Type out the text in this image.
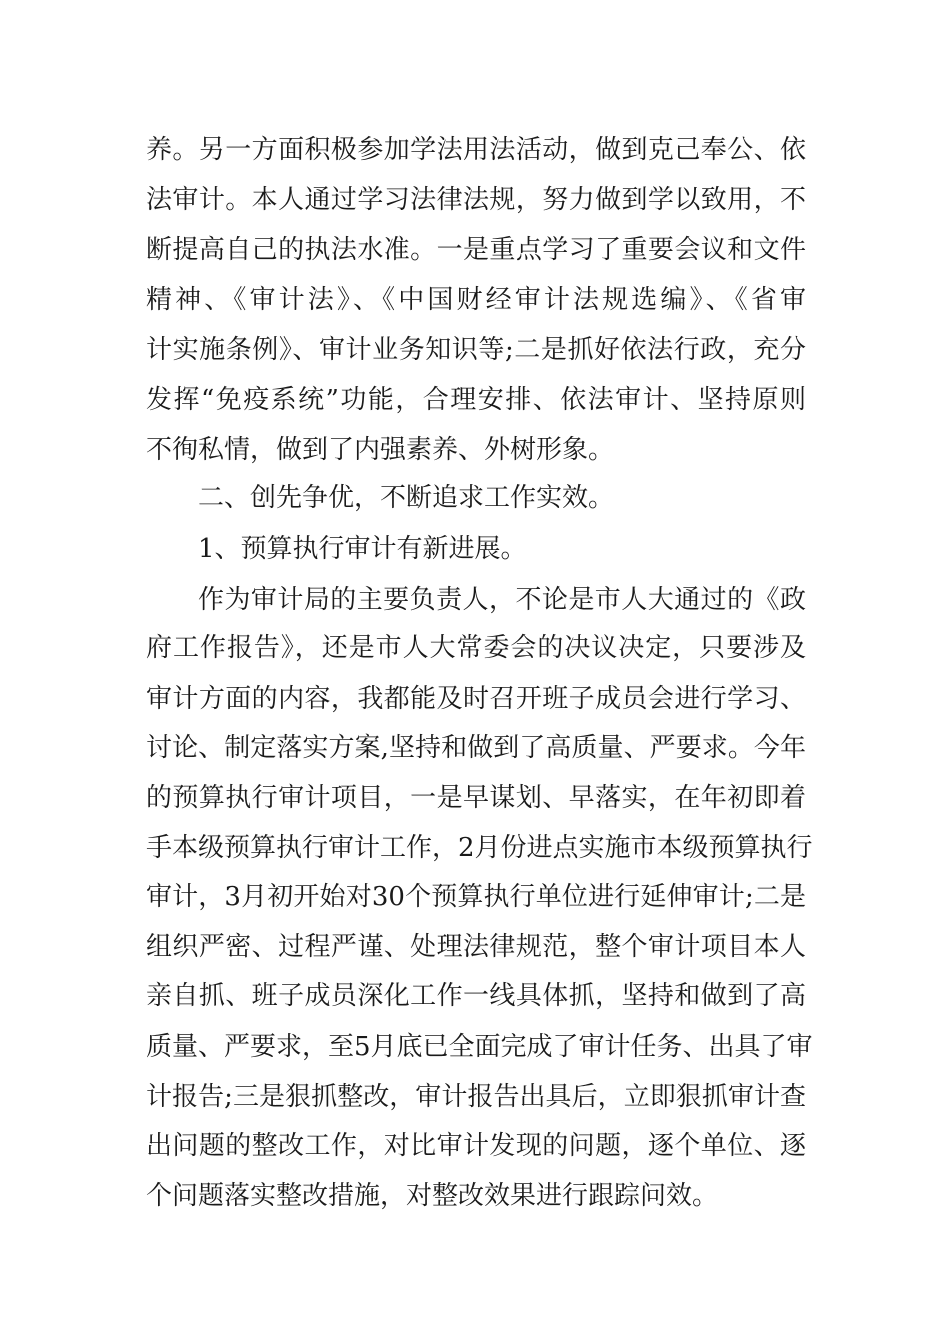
养。另一方面积极参加学法用法活动，做到克己奉公、依
法审计。本人通过学习法律法规，努力做到学以致用，不
断提高自己的执法水准。一是重点学习了重要会议和文件
精神、《审计法》、《中国财经审计法规选编》、《省审
计实施条例》、审计业务知识等;二是抓好依法行政，充分
发挥“免疫系统”功能，合理安排、依法审计、坚持原则
不徇私情，做到了内强素养、外树形象。
二、创先争优，不断追求工作实效。
1、预算执行审计有新进展。
作为审计局的主要负责人，不论是市人大通过的《政
府工作报告》，还是市人大常委会的决议决定，只要涉及
审计方面的内容，我都能及时召开班子成员会进行学习、
讨论、制定落实方案,坚持和做到了高质量、严要求。今年
的预算执行审计项目，一是早谋划、早落实，在年初即着
手本级预算执行审计工作，2月份进点实施市本级预算执行
审计，3月初开始对30个预算执行单位进行延伸审计;二是
组织严密、过程严谨、处理法律规范，整个审计项目本人
亲自抓、班子成员深化工作一线具体抓，坚持和做到了高
质量、严要求，至5月底已全面完成了审计任务、出具了审
计报告;三是狠抓整改，审计报告出具后，立即狠抓审计查
出问题的整改工作，对比审计发现的问题，逐个单位、逐
个问题落实整改措施，对整改效果进行跟踪问效。
